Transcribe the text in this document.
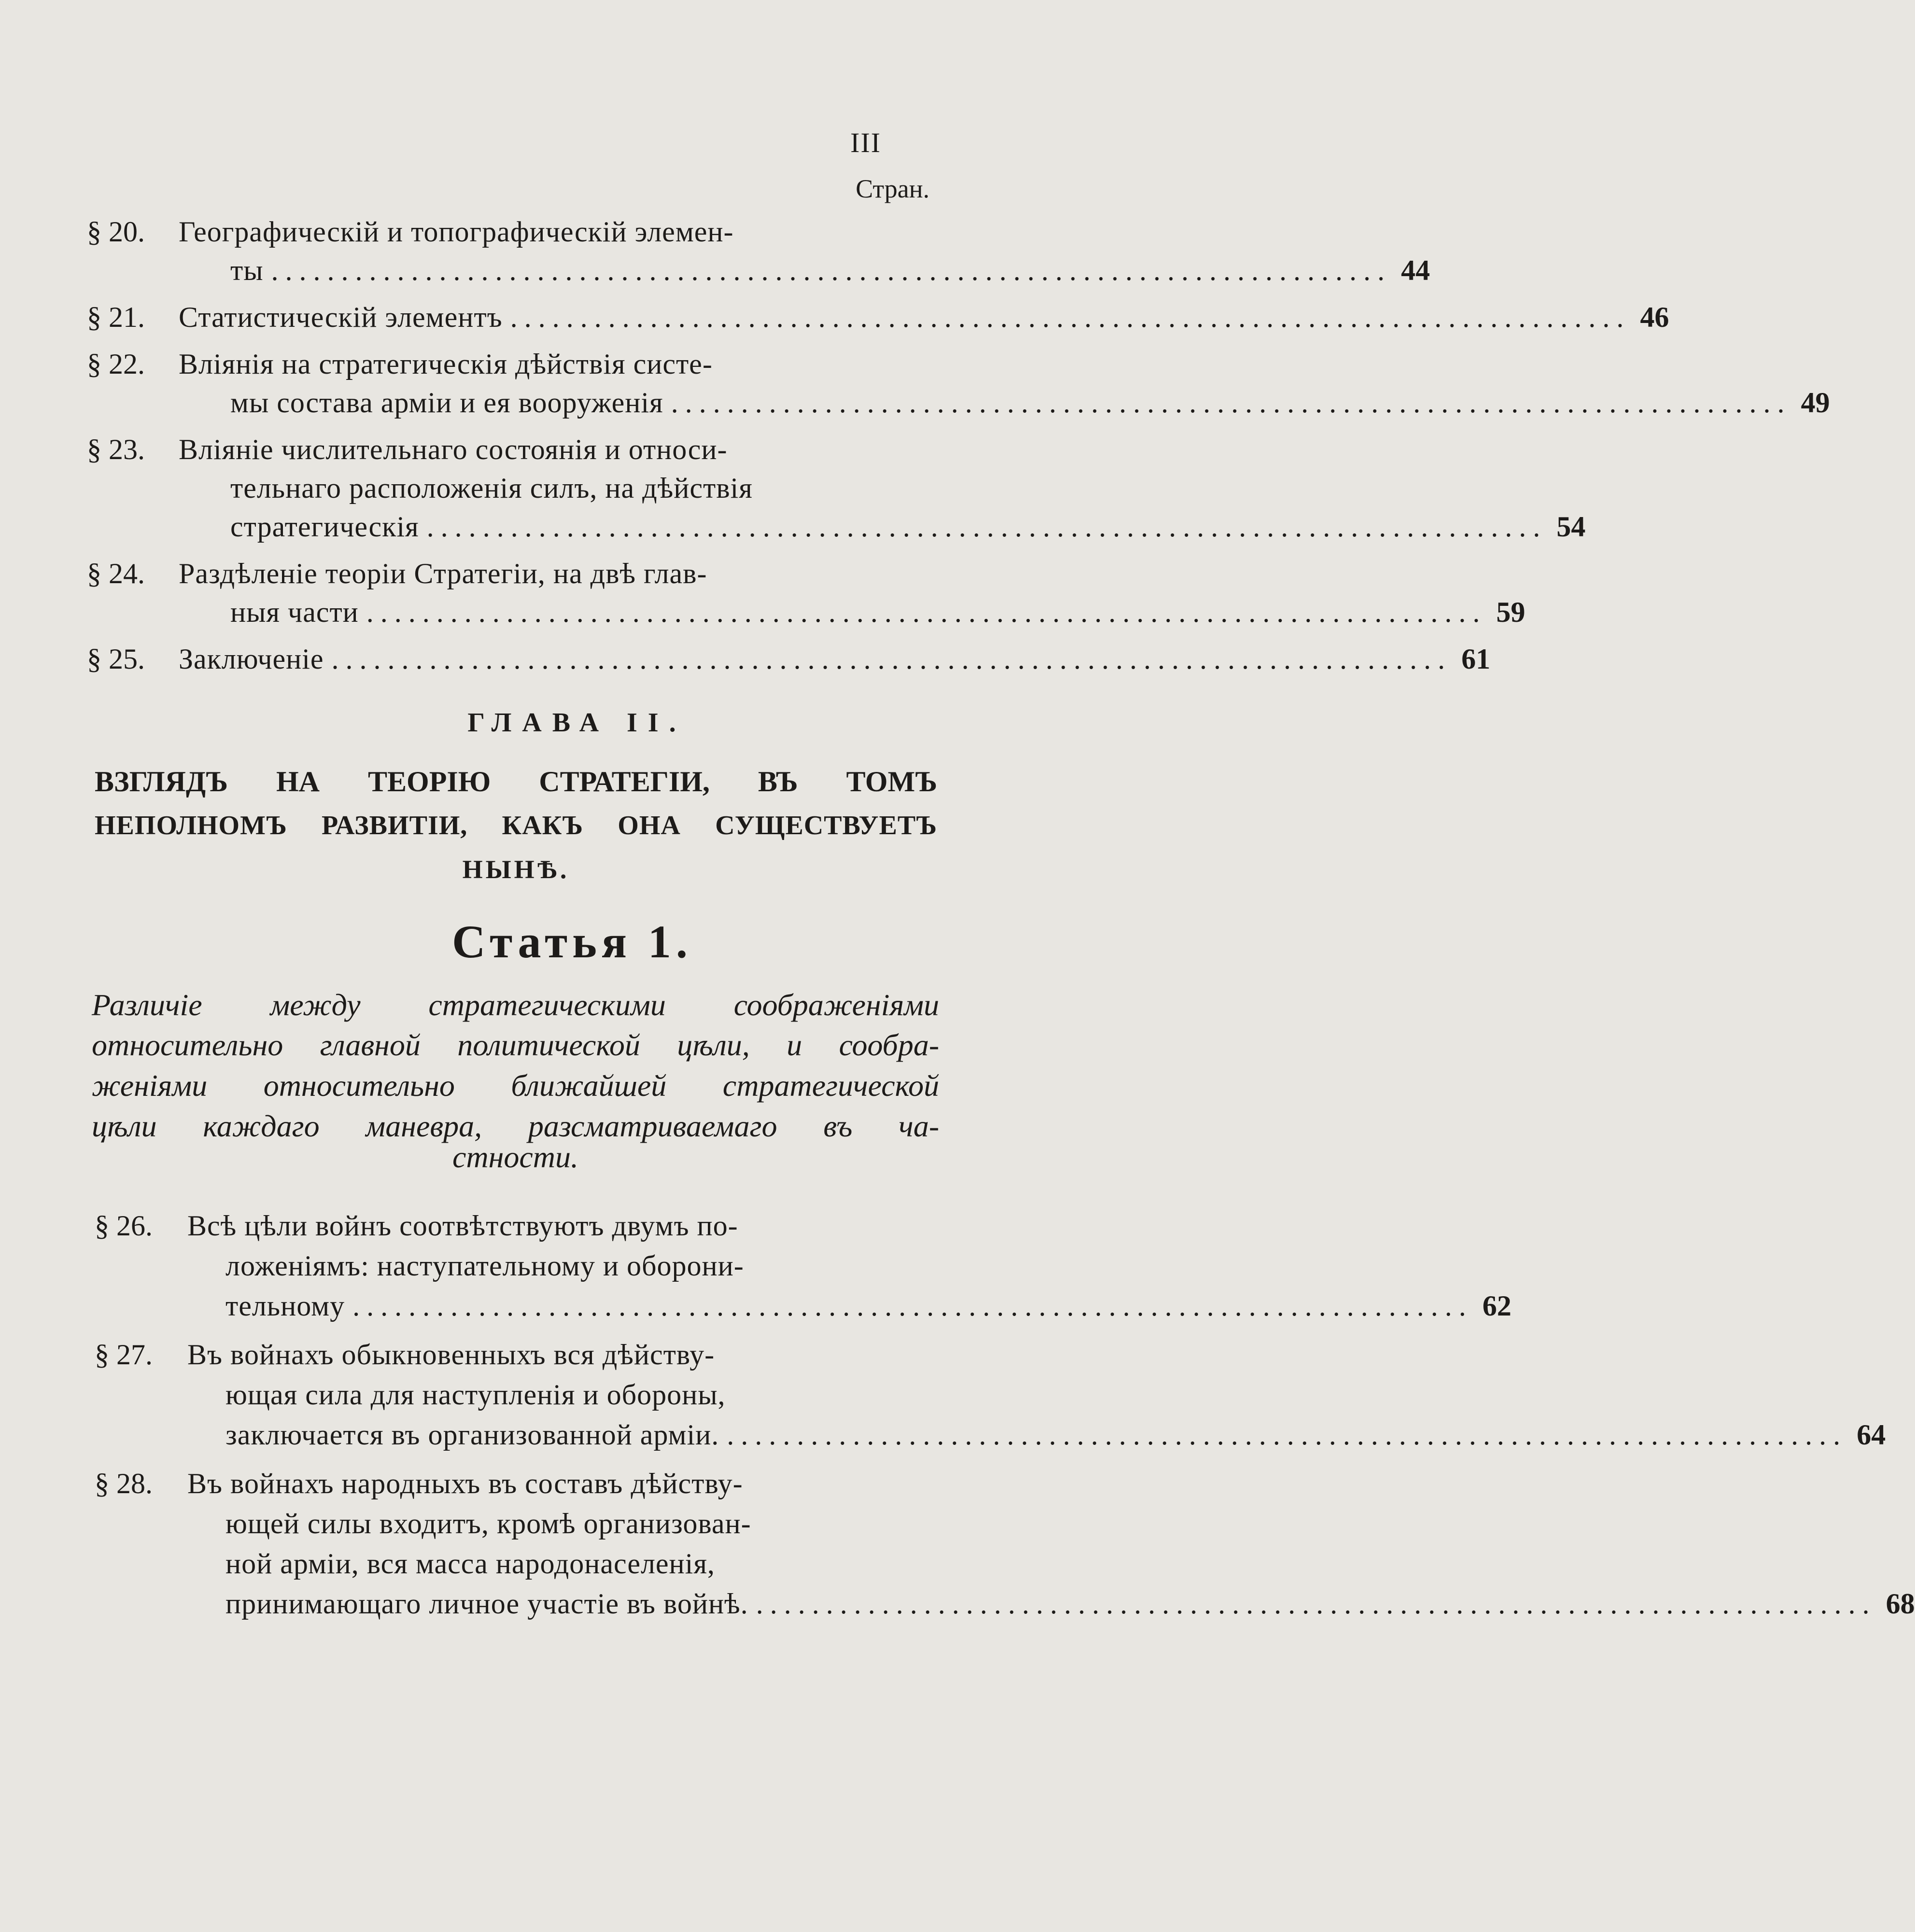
III
Стран.
§ 20.	Географическій и топографическій элемен-
ты ................................................................................ 44
§ 21.	Статистическій элементъ ................................................................................ 46
§ 22.	Вліянія на стратегическія дѣйствія систе-
мы состава арміи и ея вооруженія ................................................................................ 49
§ 23.	Вліяніе числительнаго состоянія и относи-
тельнаго расположенія силъ, на дѣйствія
стратегическія ................................................................................ 54
§ 24.	Раздѣленіе теоріи Стратегіи, на двѣ глав-
ныя части ................................................................................ 59
§ 25.	Заключеніе ................................................................................ 61
ГЛАВА II.
ВЗГЛЯДЪ НА ТЕОРІЮ СТРАТЕГІИ, ВЪ ТОМЪ
НЕПОЛНОМЪ РАЗВИТІИ, КАКЪ ОНА СУЩЕСТВУЕТЪ
НЫНѢ.
Статья 1.
Различіе между стратегическими соображеніями
относительно главной политической цѣли, и сообра-
женіями относительно ближайшей стратегической
цѣли каждаго маневра, разсматриваемаго въ ча-
стности.
§ 26.	Всѣ цѣли войнъ соотвѣтствуютъ двумъ по-
ложеніямъ: наступательному и оборони-
тельному ................................................................................ 62
§ 27.	Въ войнахъ обыкновенныхъ вся дѣйству-
ющая сила для наступленія и обороны,
заключается въ организованной арміи. ................................................................................ 64
§ 28.	Въ войнахъ народныхъ въ составъ дѣйству-
ющей силы входитъ, кромѣ организован-
ной арміи, вся масса народонаселенія,
принимающаго личное участіе въ войнѣ. ................................................................................ 68
